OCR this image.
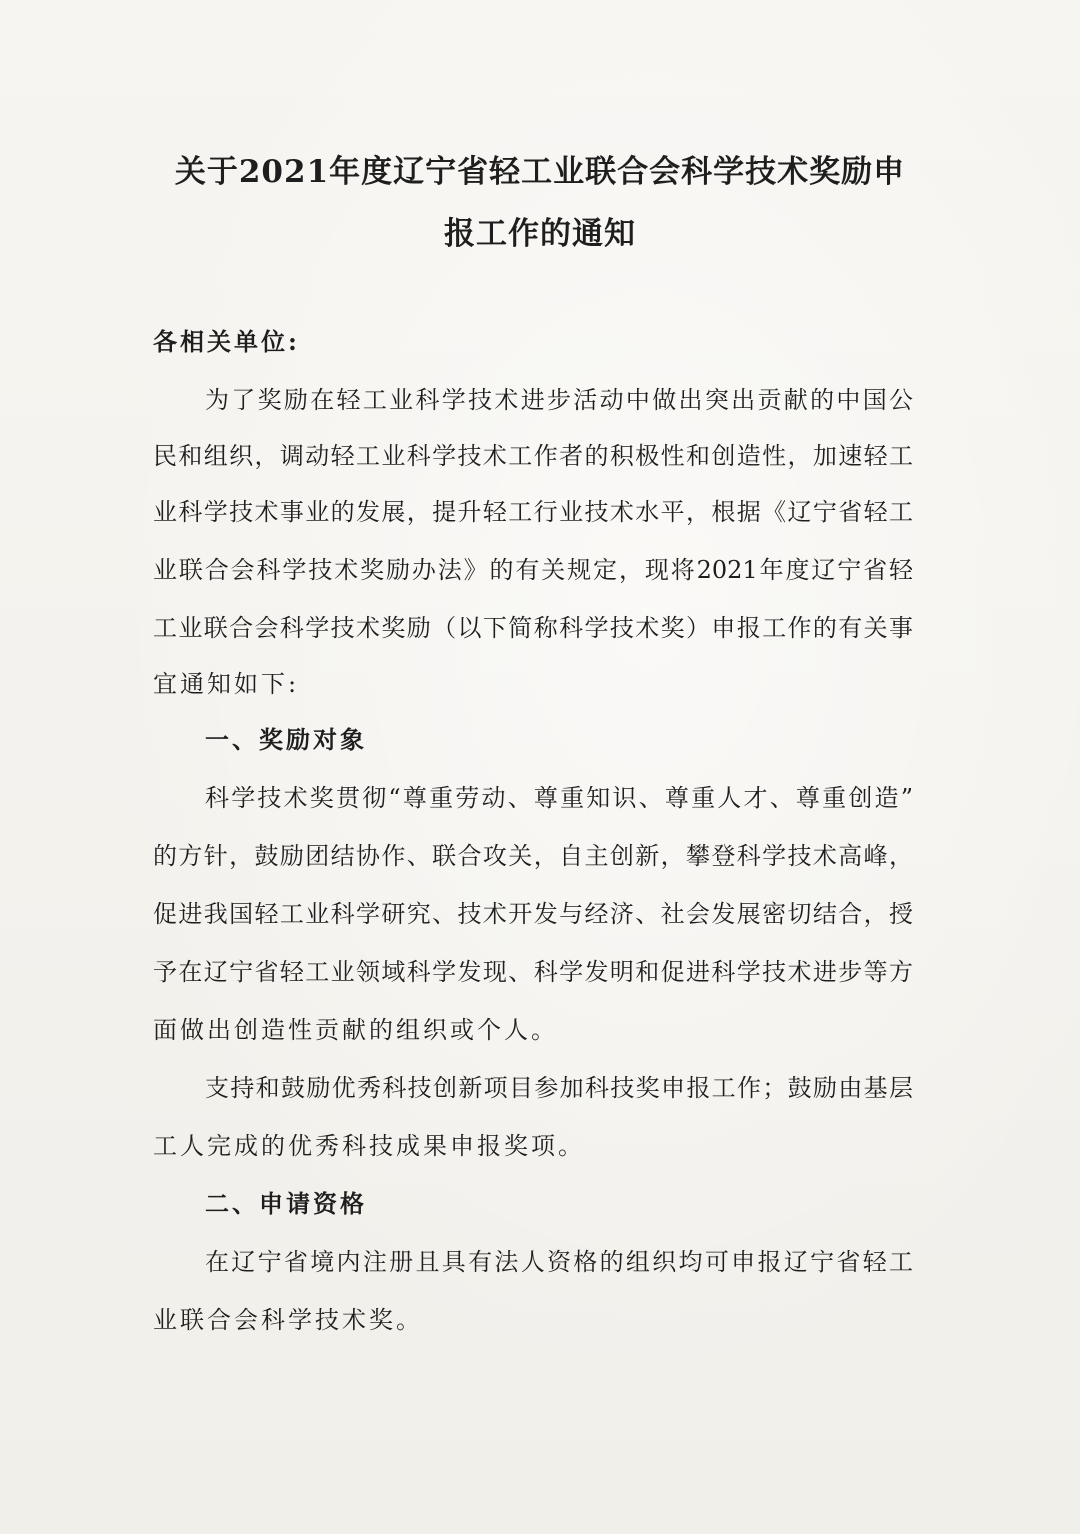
关于2021年度辽宁省轻工业联合会科学技术奖励申
报工作的通知
各相关单位:
为了奖励在轻工业科学技术进步活动中做出突出贡献的中国公
民和组织，调动轻工业科学技术工作者的积极性和创造性，加速轻工
业科学技术事业的发展，提升轻工行业技术水平，根据《辽宁省轻工
业联合会科学技术奖励办法》的有关规定，现将2021年度辽宁省轻
工业联合会科学技术奖励（以下简称科学技术奖）申报工作的有关事
宜通知如下:
一、奖励对象
科学技术奖贯彻“尊重劳动、尊重知识、尊重人才、尊重创造”
的方针，鼓励团结协作、联合攻关，自主创新，攀登科学技术高峰，
促进我国轻工业科学研究、技术开发与经济、社会发展密切结合，授
予在辽宁省轻工业领域科学发现、科学发明和促进科学技术进步等方
面做出创造性贡献的组织或个人。
支持和鼓励优秀科技创新项目参加科技奖申报工作；鼓励由基层
工人完成的优秀科技成果申报奖项。
二、申请资格
在辽宁省境内注册且具有法人资格的组织均可申报辽宁省轻工
业联合会科学技术奖。
